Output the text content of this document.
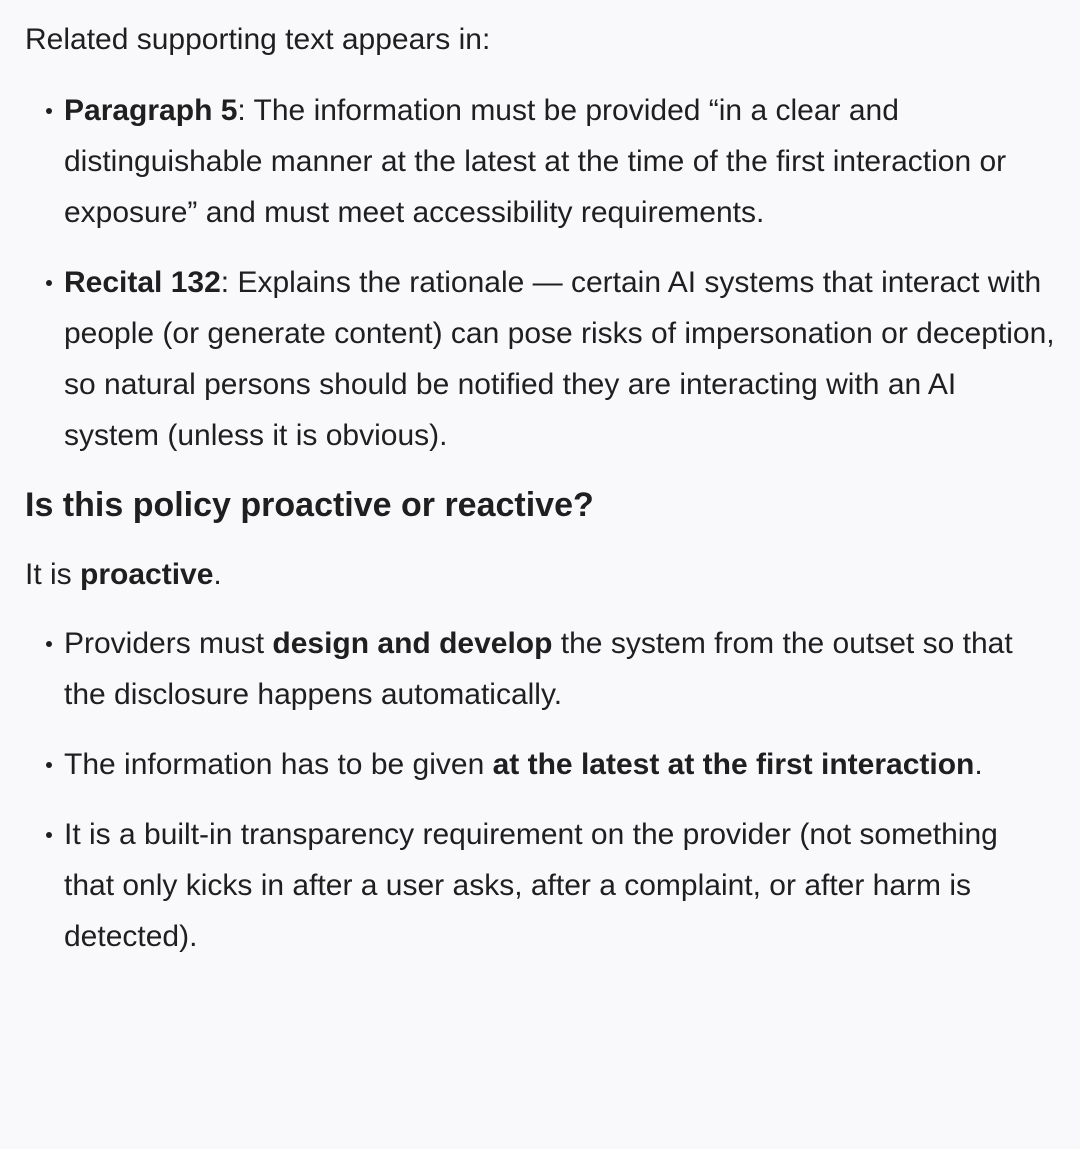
Related supporting text appears in:

Paragraph 5: The information must be provided “in a clear and distinguishable manner at the latest at the time of the first interaction or exposure” and must meet accessibility requirements.
Recital 132: Explains the rationale — certain AI systems that interact with people (or generate content) can pose risks of impersonation or deception, so natural persons should be notified they are interacting with an AI system (unless it is obvious).
Is this policy proactive or reactive?

It is proactive.

Providers must design and develop the system from the outset so that the disclosure happens automatically.
The information has to be given at the latest at the first interaction.
It is a built-in transparency requirement on the provider (not something that only kicks in after a user asks, after a complaint, or after harm is detected).
